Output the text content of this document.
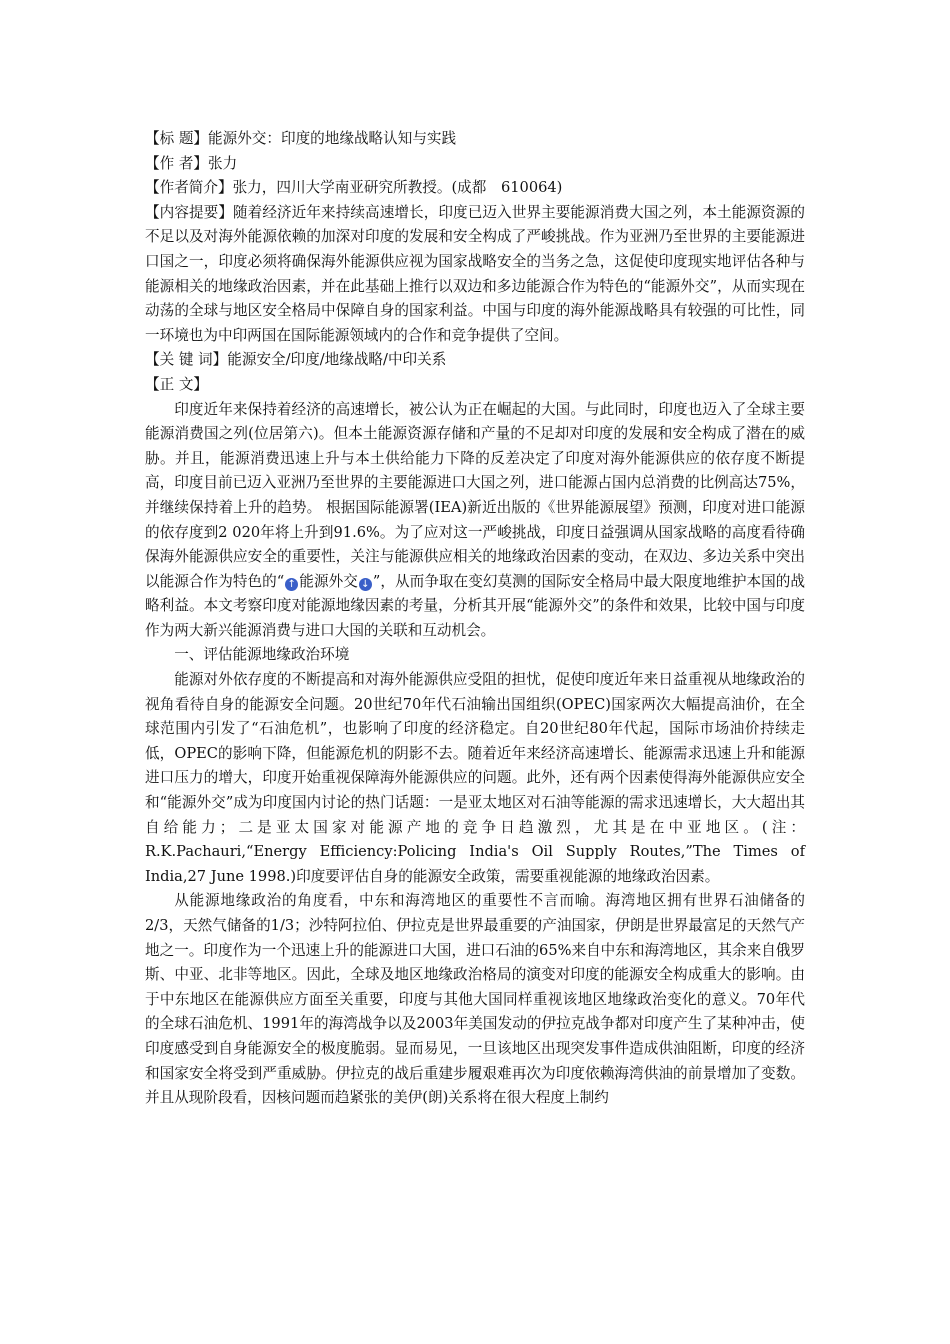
【标 题】能源外交：印度的地缘战略认知与实践

【作 者】张力

【作者简介】张力，四川大学南亚研究所教授。(成都　610064)

【内容提要】随着经济近年来持续高速增长，印度已迈入世界主要能源消费大国之列，本土能源资源的不足以及对海外能源依赖的加深对印度的发展和安全构成了严峻挑战。作为亚洲乃至世界的主要能源进口国之一，印度必须将确保海外能源供应视为国家战略安全的当务之急，这促使印度现实地评估各种与能源相关的地缘政治因素，并在此基础上推行以双边和多边能源合作为特色的“能源外交”，从而实现在动荡的全球与地区安全格局中保障自身的国家利益。中国与印度的海外能源战略具有较强的可比性，同一环境也为中印两国在国际能源领域内的合作和竞争提供了空间。

【关 键 词】能源安全/印度/地缘战略/中印关系

【正 文】

印度近年来保持着经济的高速增长，被公认为正在崛起的大国。与此同时，印度也迈入了全球主要能源消费国之列(位居第六)。但本土能源资源存储和产量的不足却对印度的发展和安全构成了潜在的威胁。并且，能源消费迅速上升与本土供给能力下降的反差决定了印度对海外能源供应的依存度不断提高，印度目前已迈入亚洲乃至世界的主要能源进口大国之列，进口能源占国内总消费的比例高达75%，并继续保持着上升的趋势。 根据国际能源署(IEA)新近出版的《世界能源展望》预测，印度对进口能源的依存度到2 020年将上升到91.6%。为了应对这一严峻挑战，印度日益强调从国家战略的高度看待确保海外能源供应安全的重要性，关注与能源供应相关的地缘政治因素的变动，在双边、多边关系中突出以能源合作为特色的“ ↑ 能源外交 ↓ ”，从而争取在变幻莫测的国际安全格局中最大限度地维护本国的战略利益。本文考察印度对能源地缘因素的考量，分析其开展“能源外交”的条件和效果，比较中国与印度作为两大新兴能源消费与进口大国的关联和互动机会。

一、评估能源地缘政治环境

能源对外依存度的不断提高和对海外能源供应受阻的担忧，促使印度近年来日益重视从地缘政治的视角看待自身的能源安全问题。20世纪70年代石油输出国组织(OPEC)国家两次大幅提高油价，在全球范围内引发了“石油危机”，也影响了印度的经济稳定。自20世纪80年代起，国际市场油价持续走低，OPEC的影响下降，但能源危机的阴影不去。随着近年来经济高速增长、能源需求迅速上升和能源进口压力的增大，印度开始重视保障海外能源供应的问题。此外，还有两个因素使得海外能源供应安全和“能源外交”成为印度国内讨论的热门话题：一是亚太地区对石油等能源的需求迅速增长，大大超出其自给能力；二是亚太国家对能源产地的竞争日趋激烈，尤其是在中亚地区。(注：R.K.Pachauri,“Energy Efficiency:Policing India's Oil Supply Routes,”The Times of India,27 June 1998.)印度要评估自身的能源安全政策，需要重视能源的地缘政治因素。

从能源地缘政治的角度看，中东和海湾地区的重要性不言而喻。海湾地区拥有世界石油储备的2/3，天然气储备的1/3；沙特阿拉伯、伊拉克是世界最重要的产油国家，伊朗是世界最富足的天然气产地之一。印度作为一个迅速上升的能源进口大国，进口石油的65%来自中东和海湾地区，其余来自俄罗斯、中亚、北非等地区。因此，全球及地区地缘政治格局的演变对印度的能源安全构成重大的影响。由于中东地区在能源供应方面至关重要，印度与其他大国同样重视该地区地缘政治变化的意义。70年代的全球石油危机、1991年的海湾战争以及2003年美国发动的伊拉克战争都对印度产生了某种冲击，使印度感受到自身能源安全的极度脆弱。显而易见，一旦该地区出现突发事件造成供油阻断，印度的经济和国家安全将受到严重威胁。伊拉克的战后重建步履艰难再次为印度依赖海湾供油的前景增加了变数。并且从现阶段看，因核问题而趋紧张的美伊(朗)关系将在很大程度上制约
